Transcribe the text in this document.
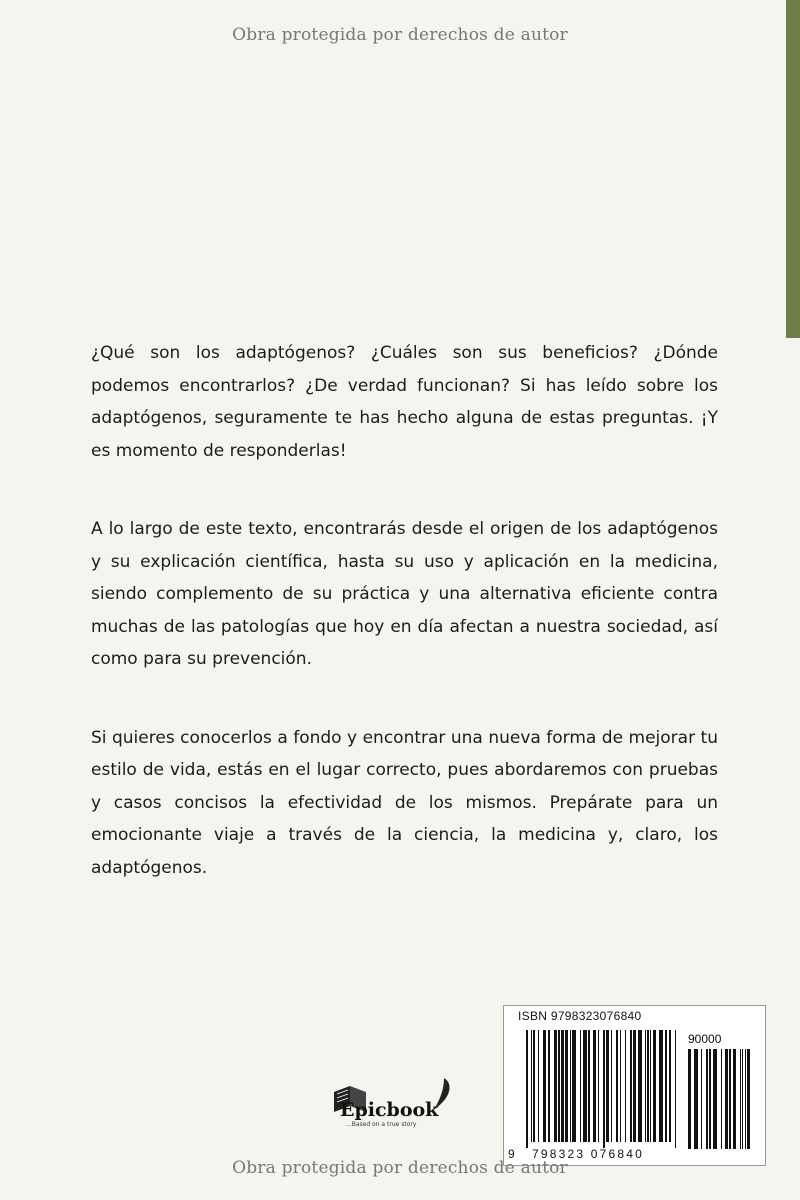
Obra protegida por derechos de autor

¿Qué son los adaptógenos? ¿Cuáles son sus beneficios? ¿Dónde podemos encontrarlos? ¿De verdad funcionan? Si has leído sobre los adaptógenos, seguramente te has hecho alguna de estas preguntas. ¡Y es momento de responderlas!

A lo largo de este texto, encontrarás desde el origen de los adaptógenos y su explicación científica, hasta su uso y aplicación en la medicina, siendo complemento de su práctica y una alternativa eficiente contra muchas de las patologías que hoy en día afectan a nuestra sociedad, así como para su prevención.

Si quieres conocerlos a fondo y encontrar una nueva forma de mejorar tu estilo de vida, estás en el lugar correcto, pues abordaremos con pruebas y casos concisos la efectividad de los mismos. Prepárate para un emocionante viaje a través de la ciencia, la medicina y, claro, los adaptógenos.

Epicbook
...Based on a true story
ISBN 9798323076840
90000
9 798323 076840
Obra protegida por derechos de autor
